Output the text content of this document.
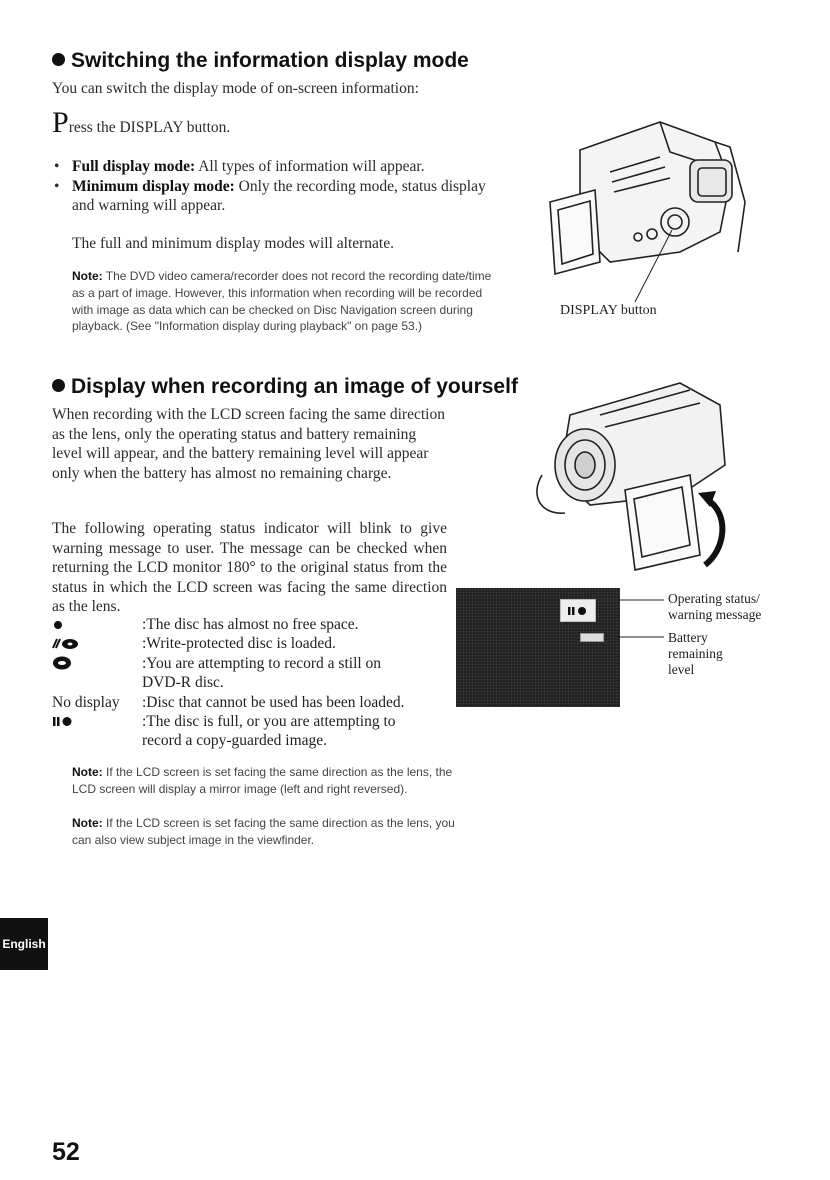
Switching the information display mode
You can switch the display mode of on-screen information:
Press the DISPLAY button.
• Full display mode: All types of information will appear.
• Minimum display mode: Only the recording mode, status display and warning will appear.
The full and minimum display modes will alternate.
Note: The DVD video camera/recorder does not record the recording date/time as a part of image. However, this information when recording will be recorded with image as data which can be checked on Disc Navigation screen during playback. (See "Information display during playback" on page 53.)
DISPLAY button
Display when recording an image of yourself
When recording with the LCD screen facing the same direction as the lens, only the operating status and battery remaining level will appear, and the battery remaining level will appear only when the battery has almost no remaining charge.
The following operating status indicator will blink to give warning message to user. The message can be checked when returning the LCD monitor 180° to the original status from the status in which the LCD screen was facing the same direction as the lens.
:The disc has almost no free space.
:Write-protected disc is loaded.
:You are attempting to record a still on
DVD-R disc.
No display :Disc that cannot be used has been loaded.
:The disc is full, or you are attempting to
record a copy-guarded image.
Operating status/
warning message
Battery
remaining
level
Note: If the LCD screen is set facing the same direction as the lens, the LCD screen will display a mirror image (left and right reversed).
Note: If the LCD screen is set facing the same direction as the lens, you can also view subject image in the viewfinder.
English
52
